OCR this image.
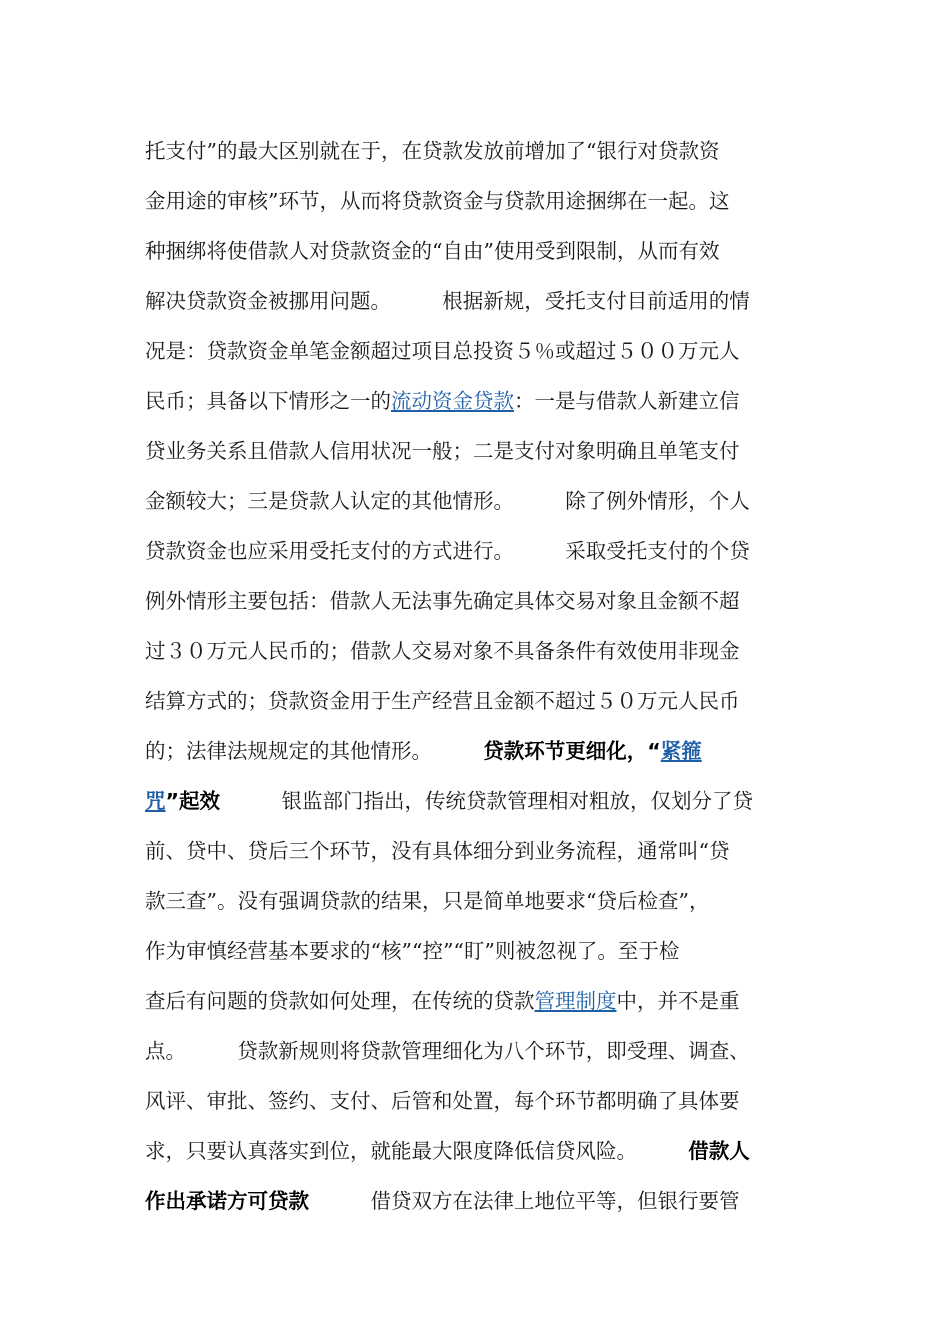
托支付”的最大区别就在于，在贷款发放前增加了“银行对贷款资
金用途的审核”环节，从而将贷款资金与贷款用途捆绑在一起。这
种捆绑将使借款人对贷款资金的“自由”使用受到限制，从而有效
解决贷款资金被挪用问题。　　　根据新规，受托支付目前适用的情
况是：贷款资金单笔金额超过项目总投资５％或超过５００万元人
民币；具备以下情形之一的流动资金贷款：一是与借款人新建立信
贷业务关系且借款人信用状况一般；二是支付对象明确且单笔支付
金额较大；三是贷款人认定的其他情形。　　　除了例外情形，个人
贷款资金也应采用受托支付的方式进行。　　　采取受托支付的个贷
例外情形主要包括：借款人无法事先确定具体交易对象且金额不超
过３０万元人民币的；借款人交易对象不具备条件有效使用非现金
结算方式的；贷款资金用于生产经营且金额不超过５０万元人民币
的；法律法规规定的其他情形。　　　贷款环节更细化，“紧箍
咒”起效　　　银监部门指出，传统贷款管理相对粗放，仅划分了贷
前、贷中、贷后三个环节，没有具体细分到业务流程，通常叫“贷
款三查”。没有强调贷款的结果，只是简单地要求“贷后检查”，
作为审慎经营基本要求的“核”“控”“盯”则被忽视了。至于检
查后有问题的贷款如何处理，在传统的贷款管理制度中，并不是重
点。　　　贷款新规则将贷款管理细化为八个环节，即受理、调查、
风评、审批、签约、支付、后管和处置，每个环节都明确了具体要
求，只要认真落实到位，就能最大限度降低信贷风险。　　　借款人
作出承诺方可贷款　　　借贷双方在法律上地位平等，但银行要管
